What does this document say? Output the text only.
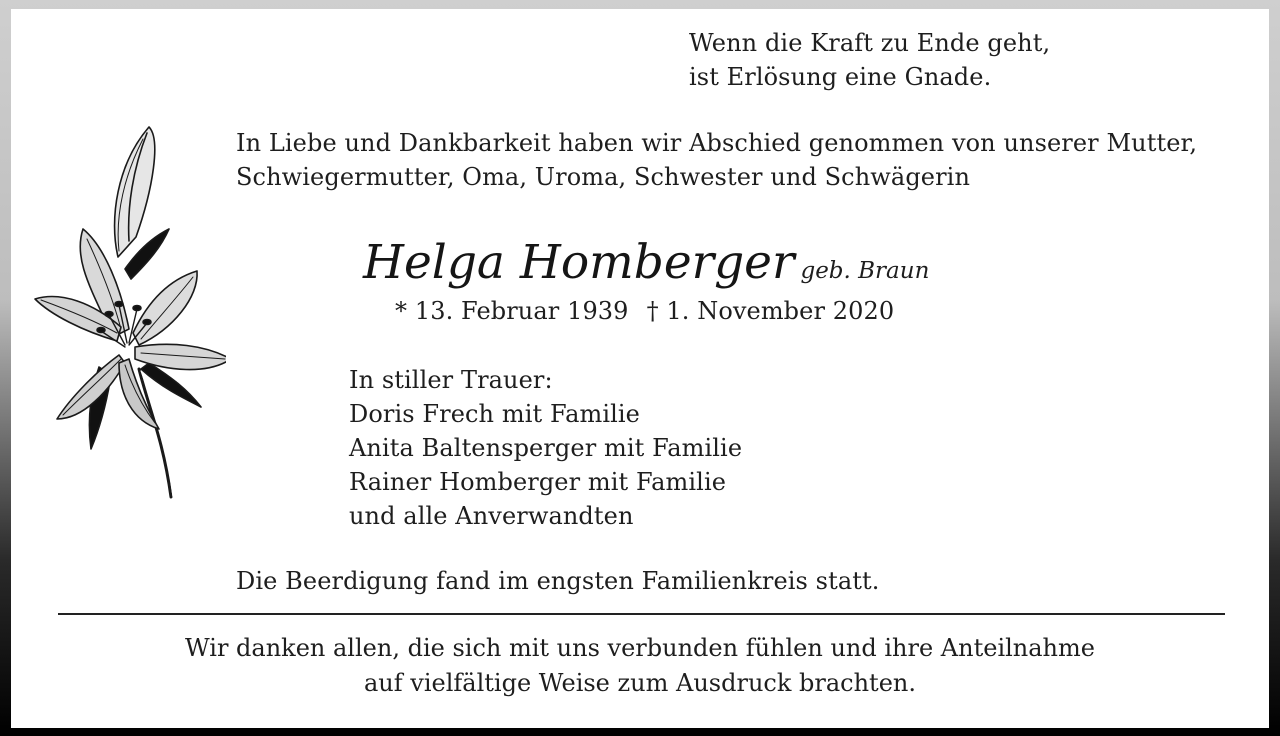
Wenn die Kraft zu Ende geht,
ist Erlösung eine Gnade.

In Liebe und Dankbarkeit haben wir Abschied genommen von unserer Mutter,
Schwiegermutter, Oma, Uroma, Schwester und Schwägerin

Helga Homberger geb. Braun

* 13. Februar 1939 † 1. November 2020

In stiller Trauer:
Doris Frech mit Familie
Anita Baltensperger mit Familie
Rainer Homberger mit Familie
und alle Anverwandten

Die Beerdigung fand im engsten Familienkreis statt.

Wir danken allen, die sich mit uns verbunden fühlen und ihre Anteilnahme
auf vielfältige Weise zum Ausdruck brachten.
